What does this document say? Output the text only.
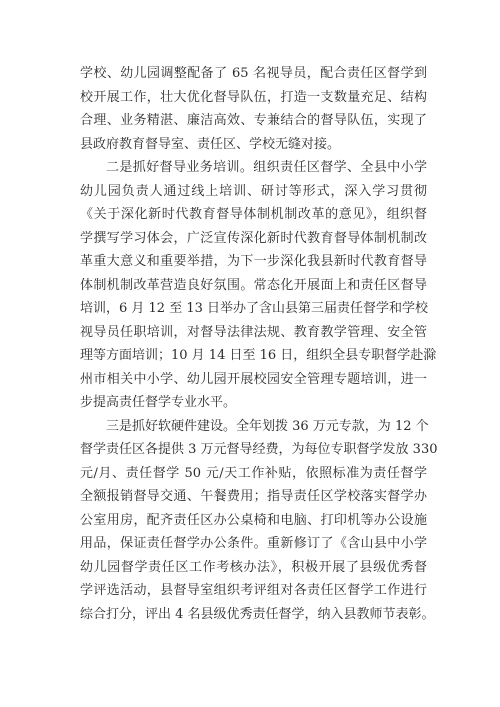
学校、幼儿园调整配备了 65 名视导员，配合责任区督学到
校开展工作，壮大优化督导队伍，打造一支数量充足、结构
合理、业务精湛、廉洁高效、专兼结合的督导队伍，实现了
县政府教育督导室、责任区、学校无缝对接。

二是抓好督导业务培训。组织责任区督学、全县中小学
幼儿园负责人通过线上培训、研讨等形式，深入学习贯彻
《关于深化新时代教育督导体制机制改革的意见》，组织督
学撰写学习体会，广泛宣传深化新时代教育督导体制机制改
革重大意义和重要举措，为下一步深化我县新时代教育督导
体制机制改革营造良好氛围。常态化开展面上和责任区督导
培训，6 月 12 至 13 日举办了含山县第三届责任督学和学校
视导员任职培训，对督导法律法规、教育教学管理、安全管
理等方面培训；10 月 14 日至 16 日，组织全县专职督学赴滁
州市相关中小学、幼儿园开展校园安全管理专题培训，进一
步提高责任督学专业水平。

三是抓好软硬件建设。全年划拨 36 万元专款，为 12 个
督学责任区各提供 3 万元督导经费，为每位专职督学发放 330
元/月、责任督学 50 元/天工作补贴，依照标准为责任督学
全额报销督导交通、午餐费用；指导责任区学校落实督学办
公室用房，配齐责任区办公桌椅和电脑、打印机等办公设施
用品，保证责任督学办公条件。重新修订了《含山县中小学
幼儿园督学责任区工作考核办法》，积极开展了县级优秀督
学评选活动，县督导室组织考评组对各责任区督学工作进行
综合打分，评出 4 名县级优秀责任督学，纳入县教师节表彰。
